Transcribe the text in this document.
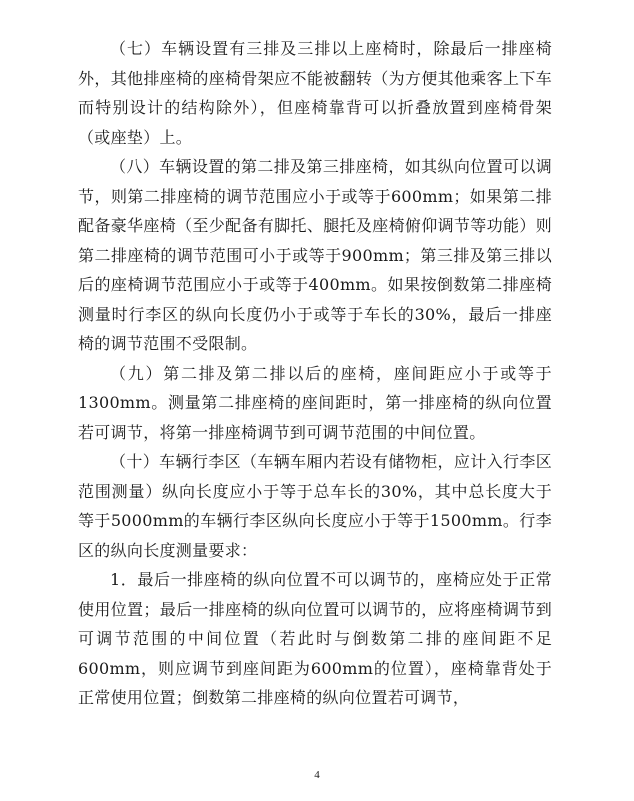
（七）车辆设置有三排及三排以上座椅时，除最后一排座椅外，其他排座椅的座椅骨架应不能被翻转（为方便其他乘客上下车而特别设计的结构除外），但座椅靠背可以折叠放置到座椅骨架（或座垫）上。

（八）车辆设置的第二排及第三排座椅，如其纵向位置可以调节，则第二排座椅的调节范围应小于或等于600mm；如果第二排配备豪华座椅（至少配备有脚托、腿托及座椅俯仰调节等功能）则第二排座椅的调节范围可小于或等于900mm；第三排及第三排以后的座椅调节范围应小于或等于400mm。如果按倒数第二排座椅测量时行李区的纵向长度仍小于或等于车长的30%，最后一排座椅的调节范围不受限制。

（九）第二排及第二排以后的座椅，座间距应小于或等于1300mm。测量第二排座椅的座间距时，第一排座椅的纵向位置若可调节，将第一排座椅调节到可调节范围的中间位置。

（十）车辆行李区（车辆车厢内若设有储物柜，应计入行李区范围测量）纵向长度应小于等于总车长的30%，其中总长度大于等于5000mm的车辆行李区纵向长度应小于等于1500mm。行李区的纵向长度测量要求：

1．最后一排座椅的纵向位置不可以调节的，座椅应处于正常使用位置；最后一排座椅的纵向位置可以调节的，应将座椅调节到可调节范围的中间位置（若此时与倒数第二排的座间距不足600mm，则应调节到座间距为600mm的位置），座椅靠背处于正常使用位置；倒数第二排座椅的纵向位置若可调节，

4
